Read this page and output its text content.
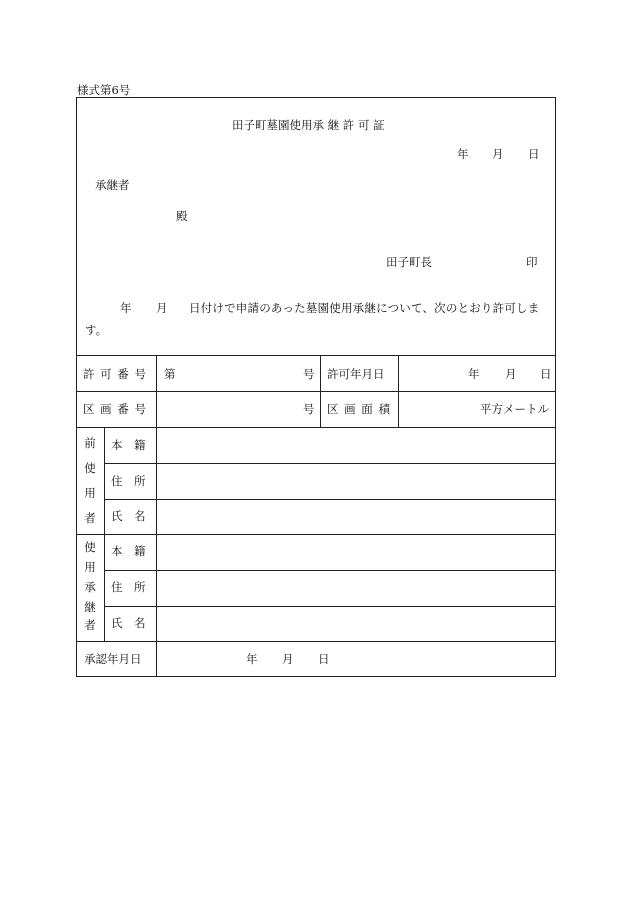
様式第6号
田子町墓園使用承 継 許 可 証
年 月 日
承継者
殿
田子町長	印
年 月 日付けで申請のあった墓園使用承継について、次のとおり許可しま
す。
許 可 番 号 第	号 許可年月日	年 月 日
区 画 番 号	号 区 画 面 積	平方メートル
前
使
用
者
本　籍
住　所
氏　名
使
用
承
継
者
本　籍
住　所
氏　名
承認年月日	年 月 日
